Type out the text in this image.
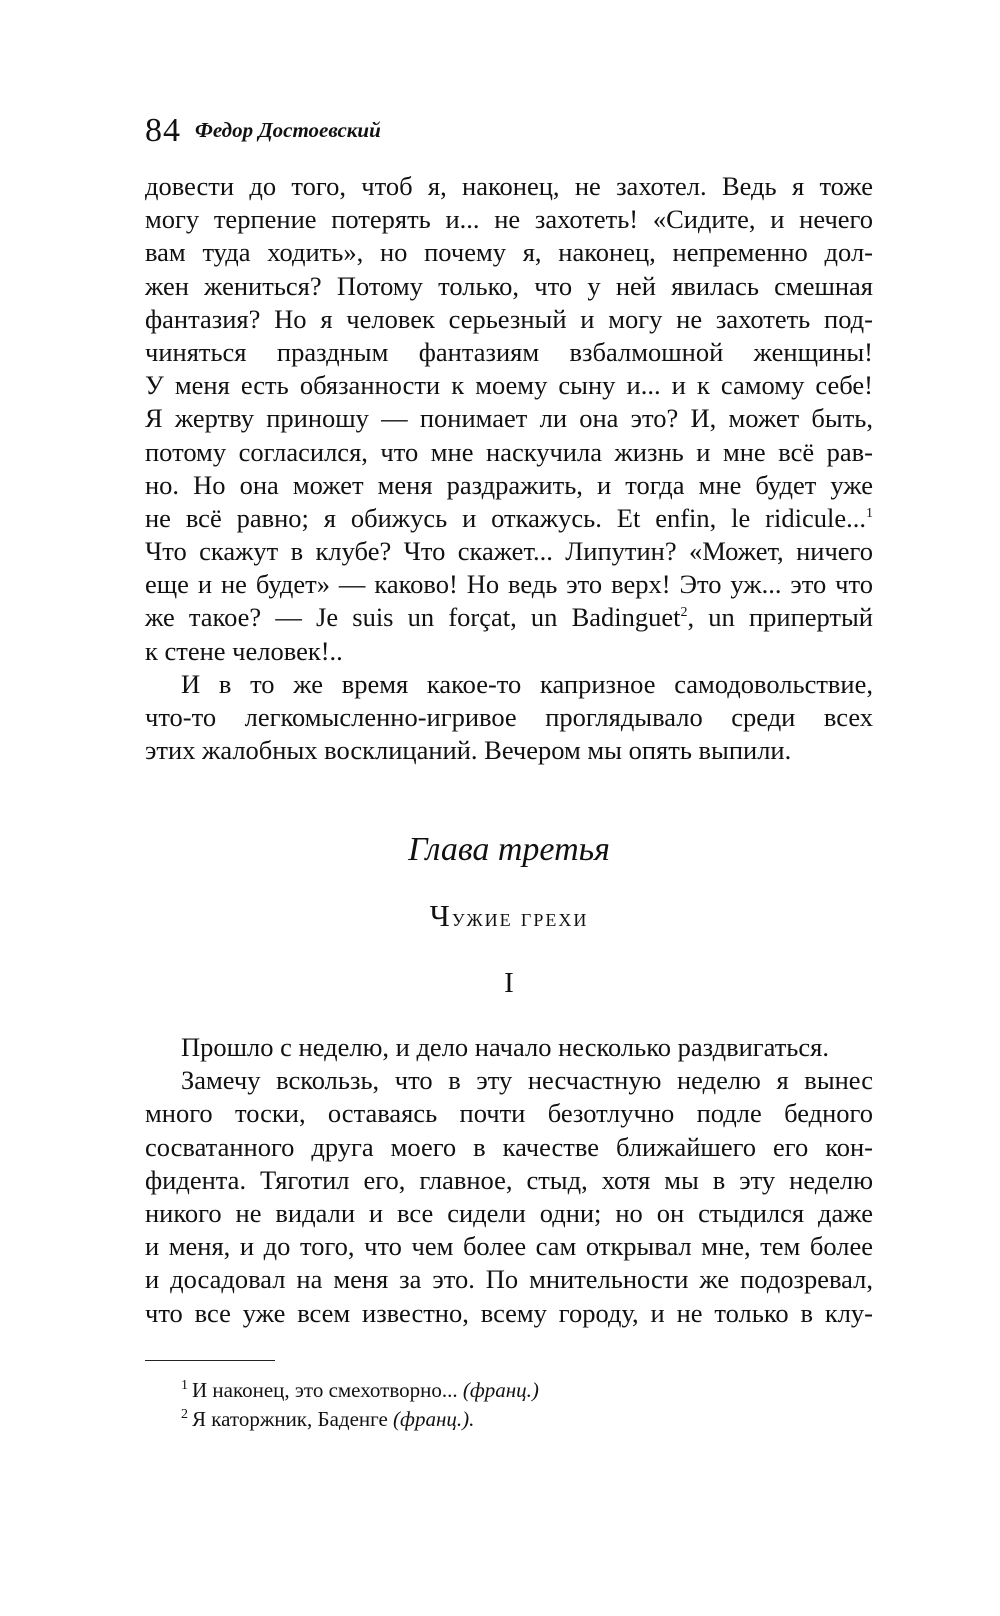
84 Федор Достоевский
довести до того, чтоб я, наконец, не захотел. Ведь я тоже
могу терпение потерять и... не захотеть! «Сидите, и нечего
вам туда ходить», но почему я, наконец, непременно дол-
жен жениться? Потому только, что у ней явилась смешная
фантазия? Но я человек серьезный и могу не захотеть под-
чиняться праздным фантазиям взбалмошной женщины!
У меня есть обязанности к моему сыну и... и к самому себе!
Я жертву приношу — понимает ли она это? И, может быть,
потому согласился, что мне наскучила жизнь и мне всё рав-
но. Но она может меня раздражить, и тогда мне будет уже
не всё равно; я обижусь и откажусь. Et enfin, le ridicule...$^1$
Что скажут в клубе? Что скажет... Липутин? «Может, ничего
еще и не будет» — каково! Но ведь это верх! Это уж... это что
же такое? — Je suis un forçat, un Badinguet$^2$, un припертый
к стене человек!..
И в то же время какое-то капризное самодовольствие,
что-то легкомысленно-игривое проглядывало среди всех
этих жалобных восклицаний. Вечером мы опять выпили.
Глава третья
Чужие грехи
I
Прошло с неделю, и дело начало несколько раздвигаться.
Замечу вскользь, что в эту несчастную неделю я вынес
много тоски, оставаясь почти безотлучно подле бедного
сосватанного друга моего в качестве ближайшего его кон-
фидента. Тяготил его, главное, стыд, хотя мы в эту неделю
никого не видали и все сидели одни; но он стыдился даже
и меня, и до того, что чем более сам открывал мне, тем более
и досадовал на меня за это. По мнительности же подозревал,
что все уже всем известно, всему городу, и не только в клу-
$^1$ И наконец, это смехотворно... (франц.)
$^2$ Я каторжник, Баденге (франц.).
